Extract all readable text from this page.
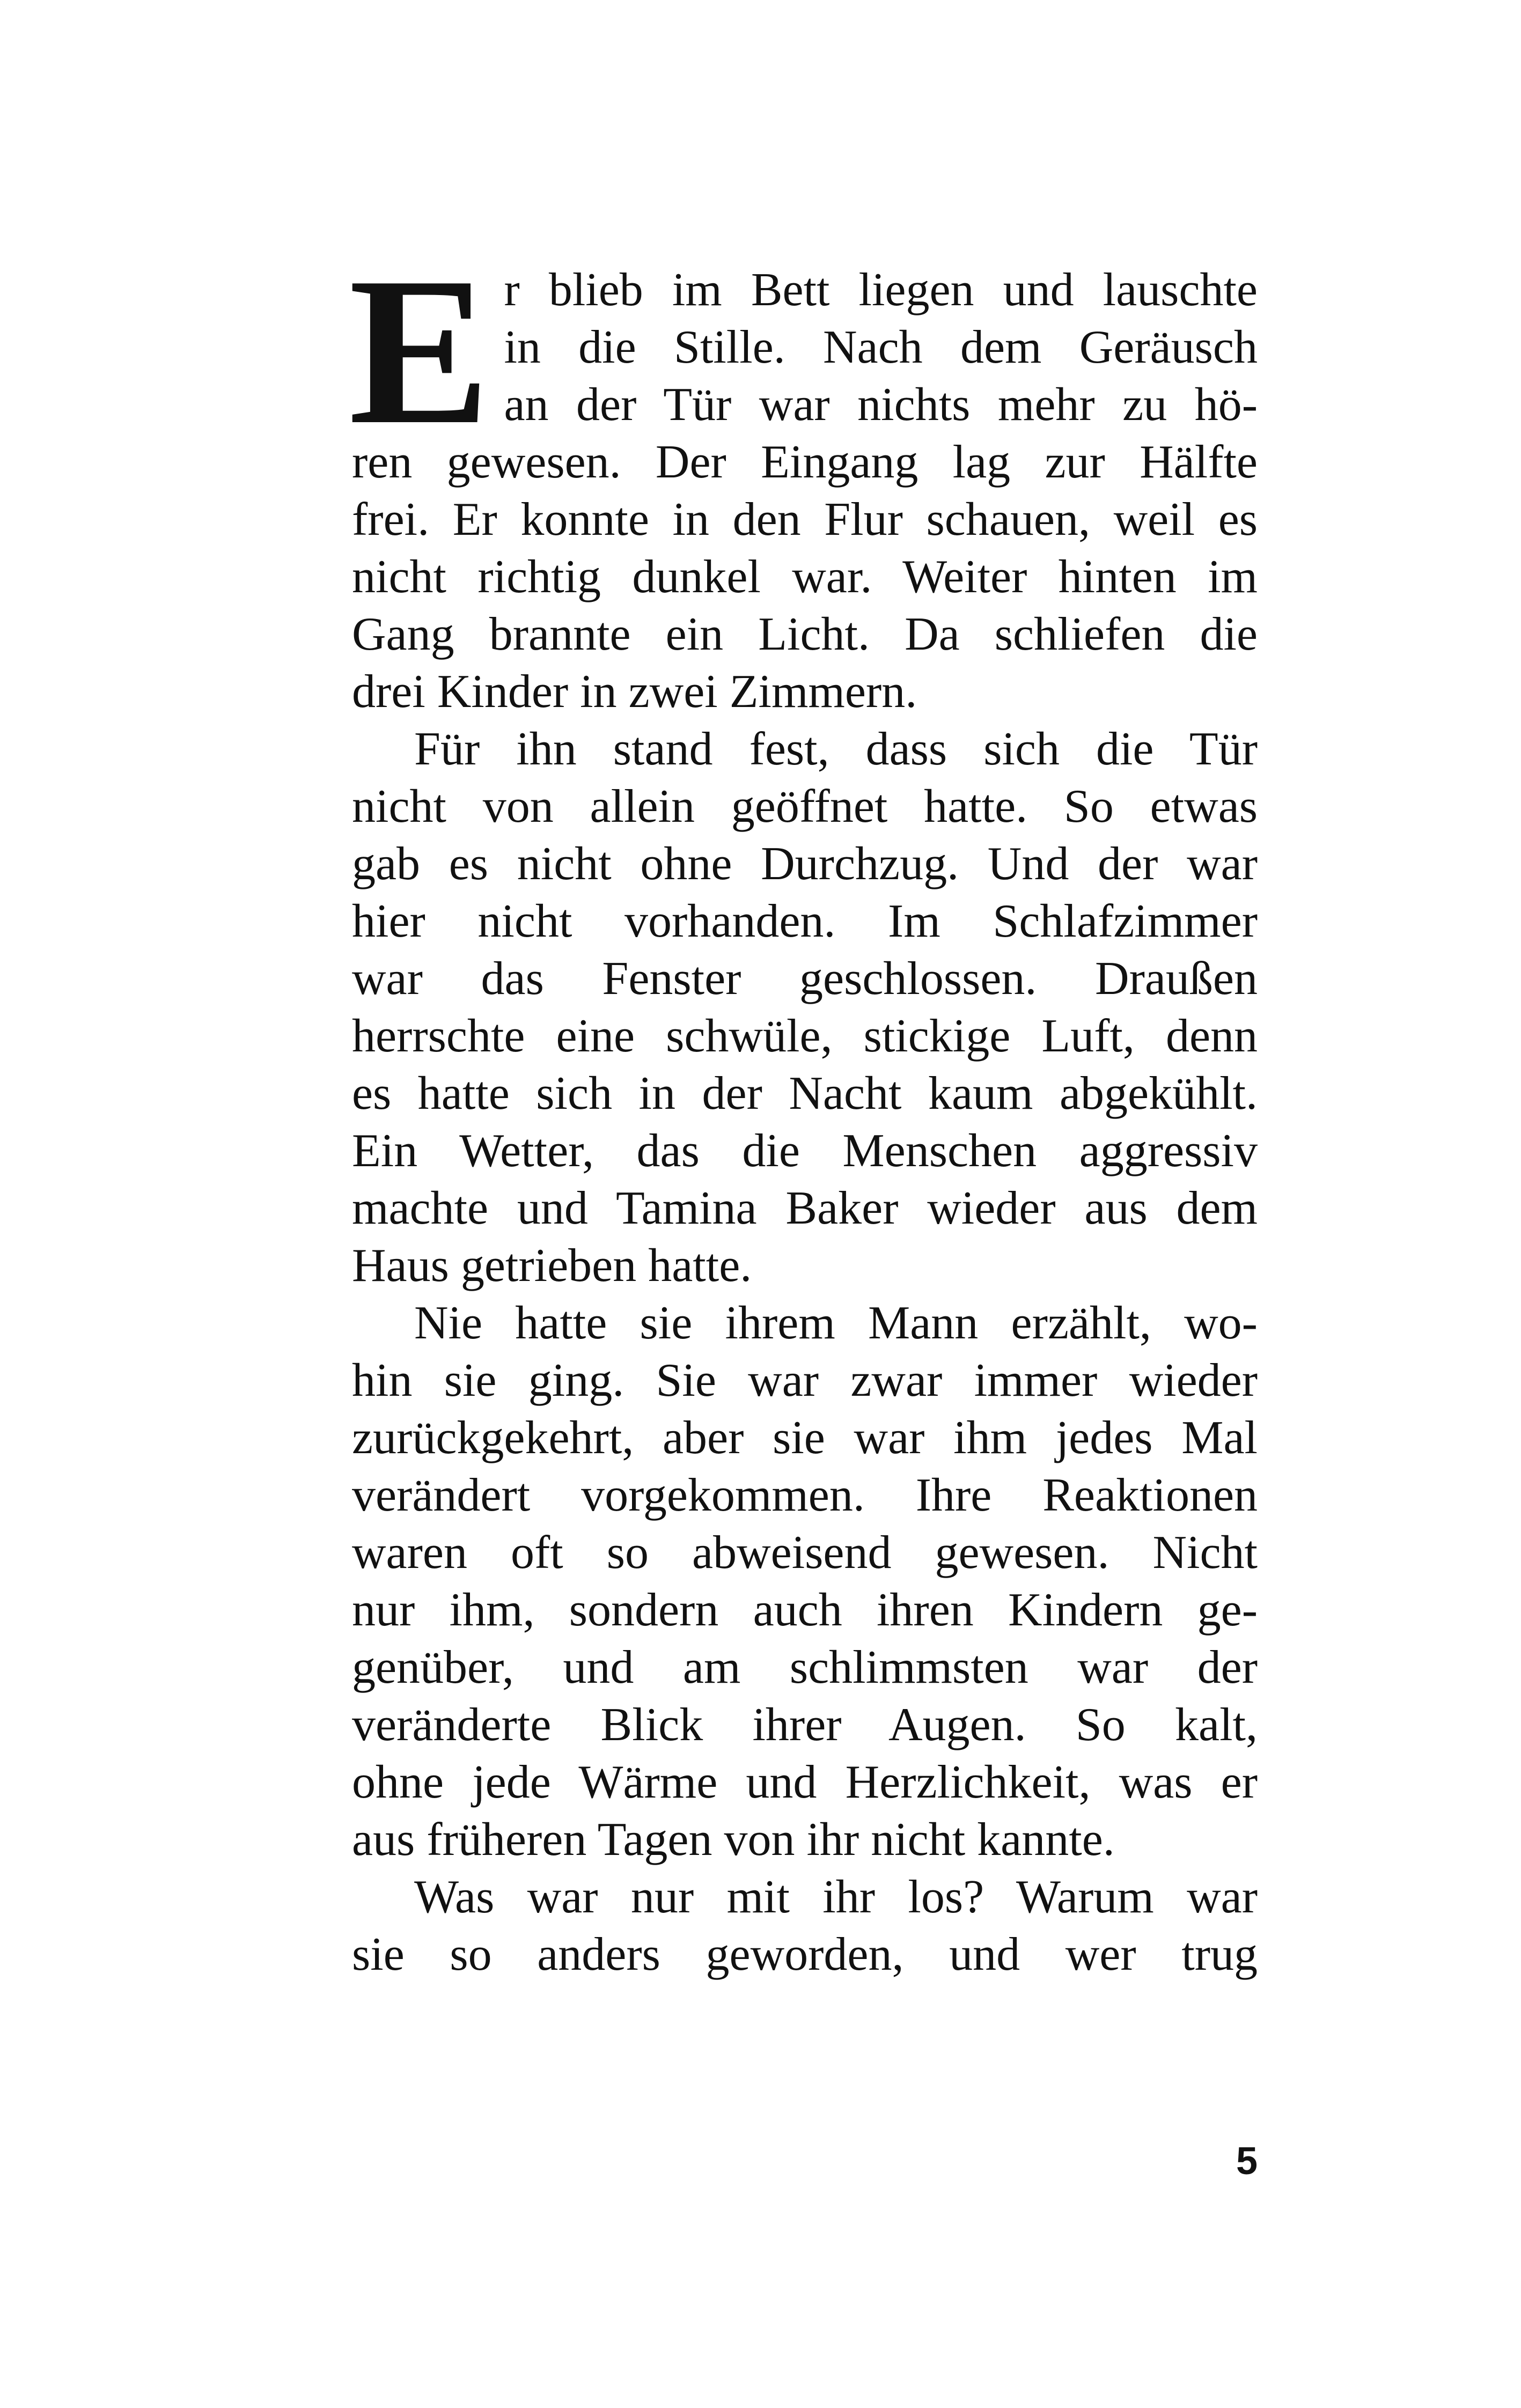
E r blieb im Bett liegen und lauschte
in die Stille. Nach dem Geräusch
an der Tür war nichts mehr zu hö-
ren gewesen. Der Eingang lag zur Hälfte
frei. Er konnte in den Flur schauen, weil es
nicht richtig dunkel war. Weiter hinten im
Gang brannte ein Licht. Da schliefen die
drei Kinder in zwei Zimmern.

Für ihn stand fest, dass sich die Tür
nicht von allein geöffnet hatte. So etwas
gab es nicht ohne Durchzug. Und der war
hier nicht vorhanden. Im Schlafzimmer
war das Fenster geschlossen. Draußen
herrschte eine schwüle, stickige Luft, denn
es hatte sich in der Nacht kaum abgekühlt.
Ein Wetter, das die Menschen aggressiv
machte und Tamina Baker wieder aus dem
Haus getrieben hatte.

Nie hatte sie ihrem Mann erzählt, wo-
hin sie ging. Sie war zwar immer wieder
zurückgekehrt, aber sie war ihm jedes Mal
verändert vorgekommen. Ihre Reaktionen
waren oft so abweisend gewesen. Nicht
nur ihm, sondern auch ihren Kindern ge-
genüber, und am schlimmsten war der
veränderte Blick ihrer Augen. So kalt,
ohne jede Wärme und Herzlichkeit, was er
aus früheren Tagen von ihr nicht kannte.

Was war nur mit ihr los? Warum war
sie so anders geworden, und wer trug

5
